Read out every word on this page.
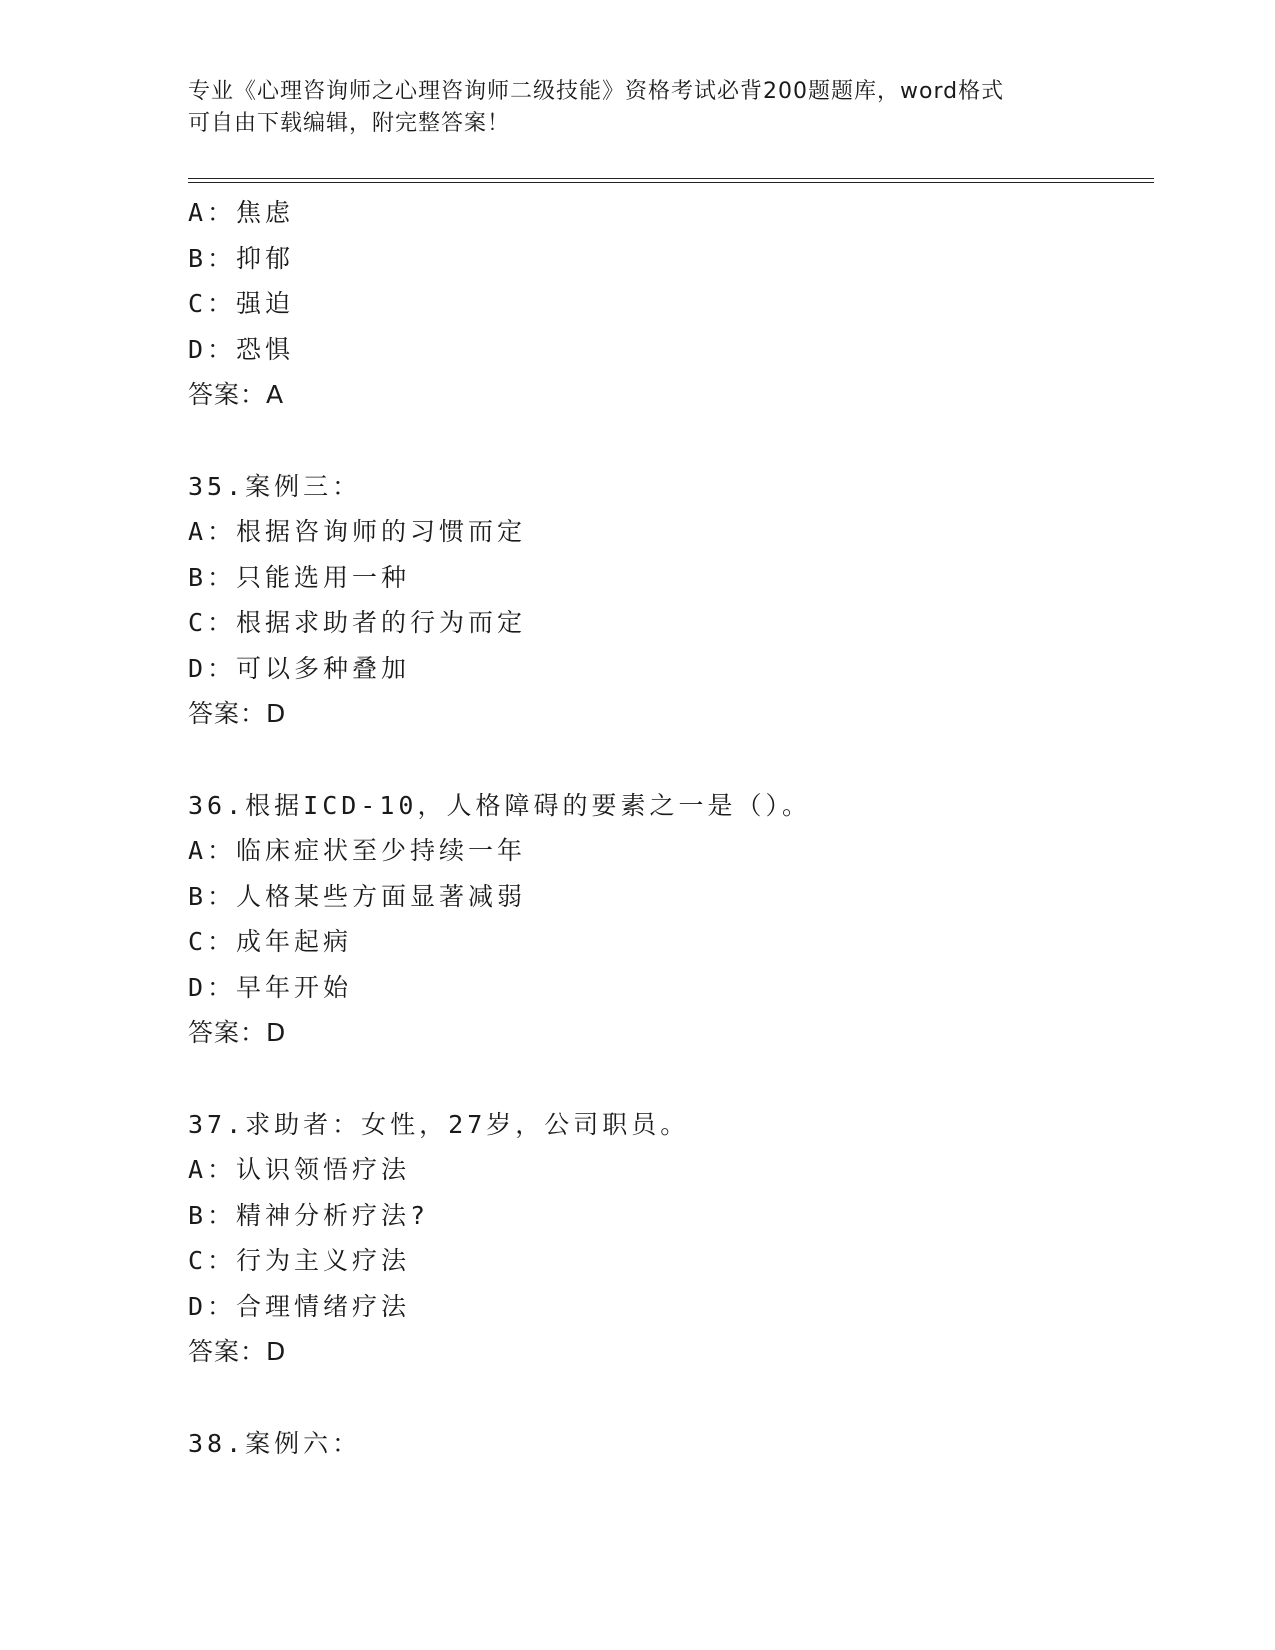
专业《心理咨询师之心理咨询师二级技能》资格考试必背200题题库，word格式
可自由下载编辑，附完整答案！
A：焦虑
B：抑郁
C：强迫
D：恐惧
答案：A
35.案例三：
A：根据咨询师的习惯而定
B：只能选用一种
C：根据求助者的行为而定
D：可以多种叠加
答案：D
36.根据ICD-10，人格障碍的要素之一是（）。
A：临床症状至少持续一年
B：人格某些方面显著减弱
C：成年起病
D：早年开始
答案：D
37.求助者：女性，27岁，公司职员。
A：认识领悟疗法
B：精神分析疗法?
C：行为主义疗法
D：合理情绪疗法
答案：D
38.案例六：
